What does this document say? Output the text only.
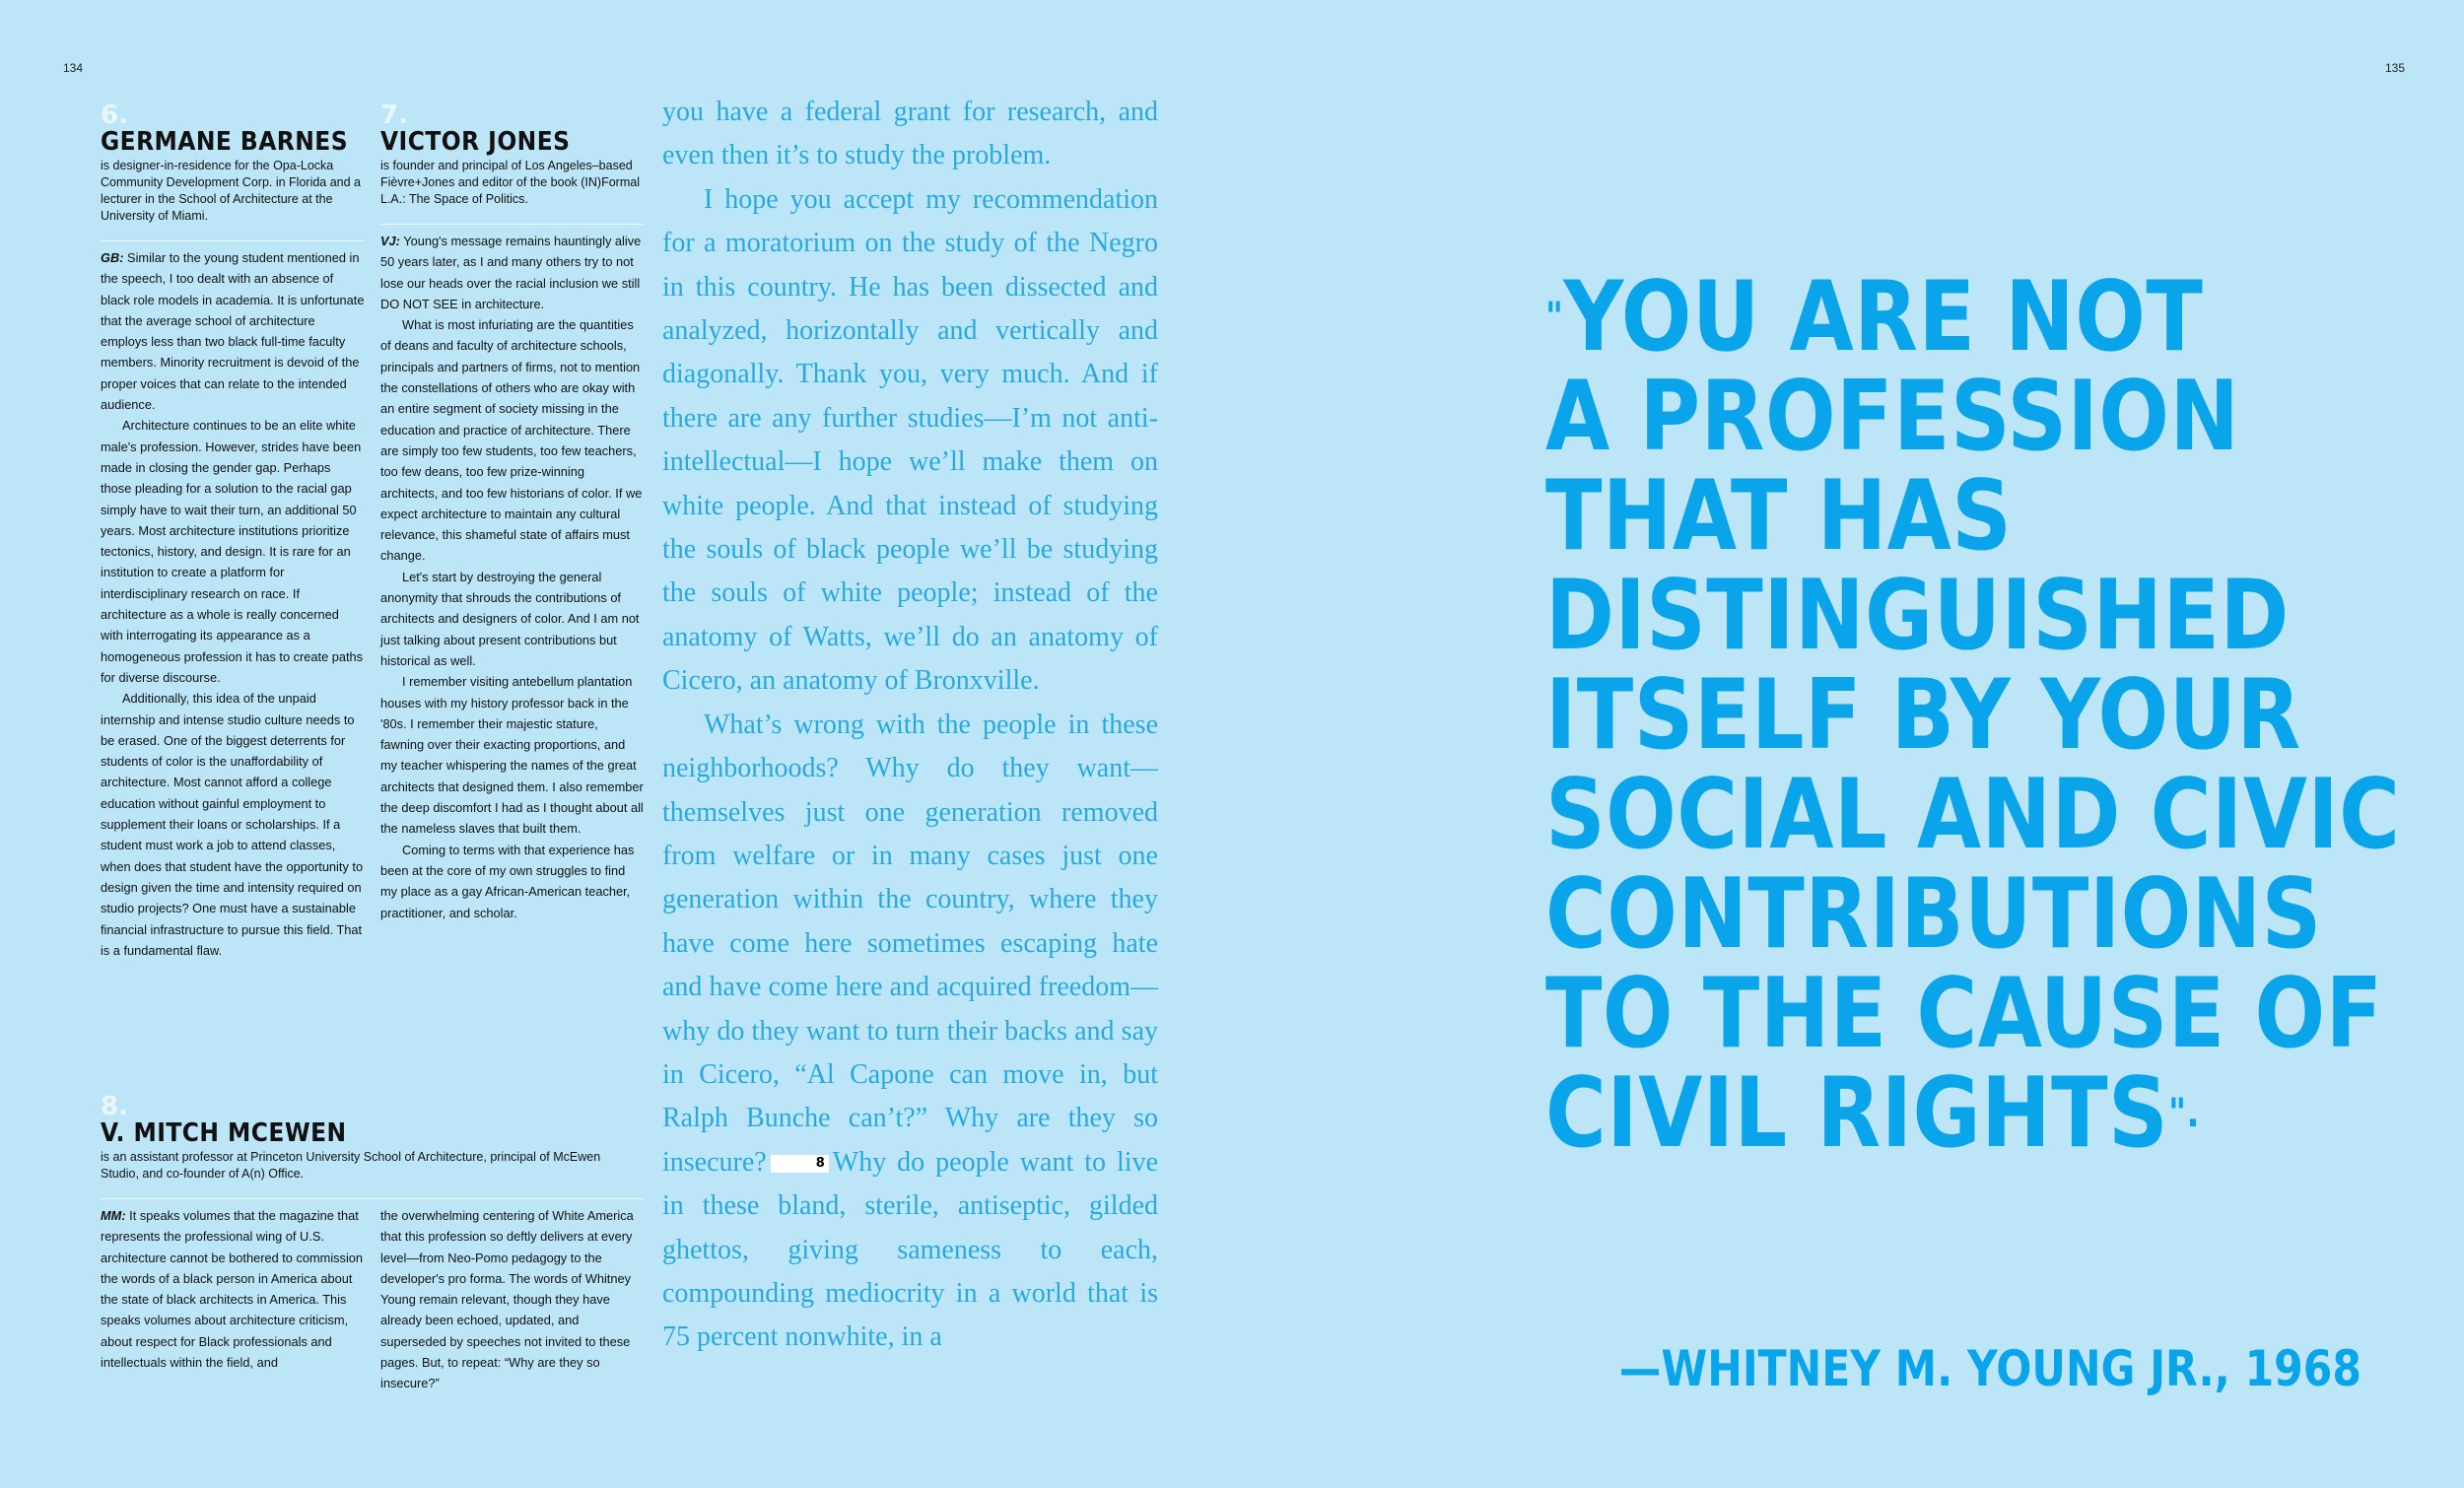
134	135
6.
GERMANE BARNES
is designer-in-residence for the Opa-Locka Community Development Corp. in Florida and a lecturer in the School of Architecture at the University of Miami.

GB: Similar to the young student mentioned in the speech, I too dealt with an absence of black role models in academia. It is unfortunate that the average school of architecture employs less than two black full-time faculty members. Minority recruitment is devoid of the proper voices that can relate to the intended audience.

Architecture continues to be an elite white male's profession. However, strides have been made in closing the gender gap. Perhaps those pleading for a solution to the racial gap simply have to wait their turn, an additional 50 years. Most architecture institutions prioritize tectonics, history, and design. It is rare for an institution to create a platform for interdisciplinary research on race. If architecture as a whole is really concerned with interrogating its appearance as a homogeneous profession it has to create paths for diverse discourse.

Additionally, this idea of the unpaid internship and intense studio culture needs to be erased. One of the biggest deterrents for students of color is the unaffordability of architecture. Most cannot afford a college education without gainful employment to supplement their loans or scholarships. If a student must work a job to attend classes, when does that student have the opportunity to design given the time and intensity required on studio projects? One must have a sustainable financial infrastructure to pursue this field. That is a fundamental flaw.

7.
VICTOR JONES
is founder and principal of Los Angeles–based Fièvre+Jones and editor of the book (IN)Formal L.A.: The Space of Politics.

VJ: Young's message remains hauntingly alive 50 years later, as I and many others try to not lose our heads over the racial inclusion we still DO NOT SEE in architecture.

What is most infuriating are the quantities of deans and faculty of architecture schools, principals and partners of firms, not to mention the constellations of others who are okay with an entire segment of society missing in the education and practice of architecture. There are simply too few students, too few teachers, too few deans, too few prize-winning architects, and too few historians of color. If we expect architecture to maintain any cultural relevance, this shameful state of affairs must change.

Let's start by destroying the general anonymity that shrouds the contributions of architects and designers of color. And I am not just talking about present contributions but historical as well.

I remember visiting antebellum plantation houses with my history professor back in the '80s. I remember their majestic stature, fawning over their exacting proportions, and my teacher whispering the names of the great architects that designed them. I also remember the deep discomfort I had as I thought about all the nameless slaves that built them.

Coming to terms with that experience has been at the core of my own struggles to find my place as a gay African-American teacher, practitioner, and scholar.

8.
V. MITCH MCEWEN
is an assistant professor at Princeton University School of Architecture, principal of McEwen Studio, and co-founder of A(n) Office.

MM: It speaks volumes that the magazine that represents the professional wing of U.S. architecture cannot be bothered to commission the words of a black person in America about the state of black architects in America. This speaks volumes about architecture criticism, about respect for Black professionals and intellectuals within the field, and

the overwhelming centering of White America that this profession so deftly delivers at every level—from Neo-Pomo pedagogy to the developer's pro forma. The words of Whitney Young remain relevant, though they have already been echoed, updated, and superseded by speeches not invited to these pages. But, to repeat: “Why are they so insecure?”

you have a federal grant for research, and even then it’s to study the problem.

I hope you accept my recommendation for a moratorium on the study of the Negro in this country. He has been dissected and analyzed, horizontally and vertically and diagonally. Thank you, very much. And if there are any further studies—I’m not anti-intellectual—I hope we’ll make them on white people. And that instead of studying the souls of black people we’ll be studying the souls of white people; instead of the anatomy of Watts, we’ll do an anatomy of Cicero, an anatomy of Bronxville.

What’s wrong with the people in these neighborhoods? Why do they want—themselves just one generation removed from welfare or in many cases just one generation within the country, where they have come here sometimes escaping hate and have come here and acquired freedom—why do they want to turn their backs and say in Cicero, “Al Capone can move in, but Ralph Bunche can’t?” Why are they so insecure?	8 Why do people want to live in these bland, sterile, antiseptic, gilded ghettos, giving sameness to each, compounding mediocrity in a world that is 75 percent nonwhite, in a

"YOU ARE NOT
A PROFESSION
THAT HAS
DISTINGUISHED
ITSELF BY YOUR
SOCIAL AND CIVIC
CONTRIBUTIONS
TO THE CAUSE OF
CIVIL RIGHTS".
—WHITNEY M. YOUNG JR., 1968
